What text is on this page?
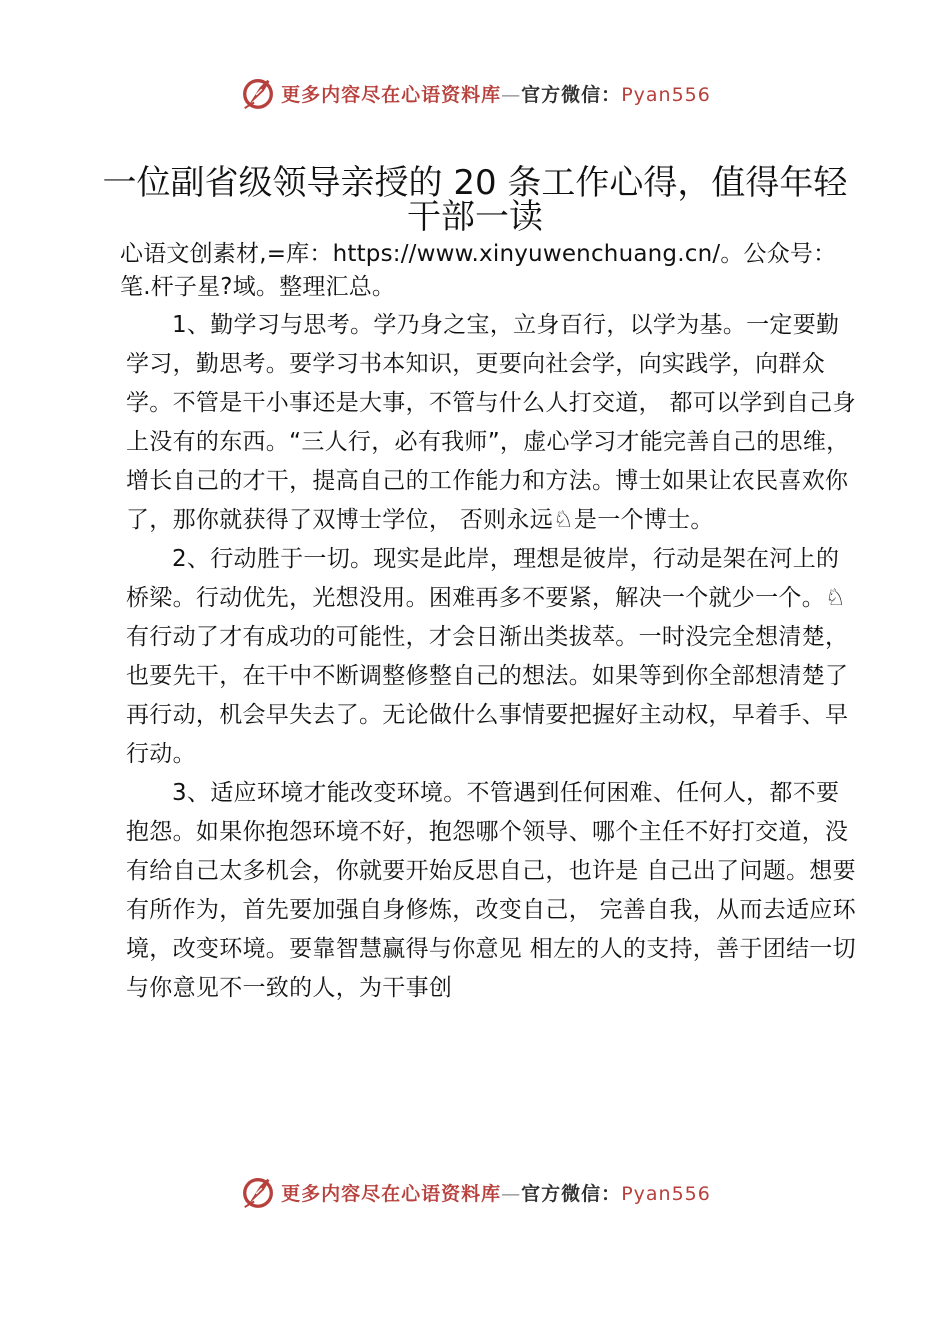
更多内容尽在心语资料库—官方微信：Pyan556
一位副省级领导亲授的 20 条工作心得，值得年轻干部一读

心语文创素材,=库：https://www.xinyuwenchuang.cn/。公众号：笔.杆子星?域。整理汇总。

1、勤学习与思考。学乃身之宝，立身百行，以学为基。一定要勤学习，勤思考。要学习书本知识，更要向社会学，向实践学，向群众学。不管是干小事还是大事，不管与什么人打交道， 都可以学到自己身上没有的东西。“三人行，必有我师”，虚心学习才能完善自己的思维，增长自己的才干，提高自己的工作能力和方法。博士如果让农民喜欢你了，那你就获得了双博士学位， 否则永远♘是一个博士。

2、行动胜于一切。现实是此岸，理想是彼岸，行动是架在河上的桥梁。行动优先，光想没用。困难再多不要紧，解决一个就少一个。♘有行动了才有成功的可能性，才会日渐出类拔萃。一时没完全想清楚，也要先干，在干中不断调整修整自己的想法。如果等到你全部想清楚了再行动，机会早失去了。无论做什么事情要把握好主动权，早着手、早行动。

3、适应环境才能改变环境。不管遇到任何困难、任何人，都不要抱怨。如果你抱怨环境不好，抱怨哪个领导、哪个主任不好打交道，没有给自己太多机会，你就要开始反思自己，也许是 自己出了问题。想要有所作为，首先要加强自身修炼，改变自己， 完善自我，从而去适应环境，改变环境。要靠智慧赢得与你意见 相左的人的支持，善于团结一切与你意见不一致的人，为干事创

更多内容尽在心语资料库—官方微信：Pyan556
